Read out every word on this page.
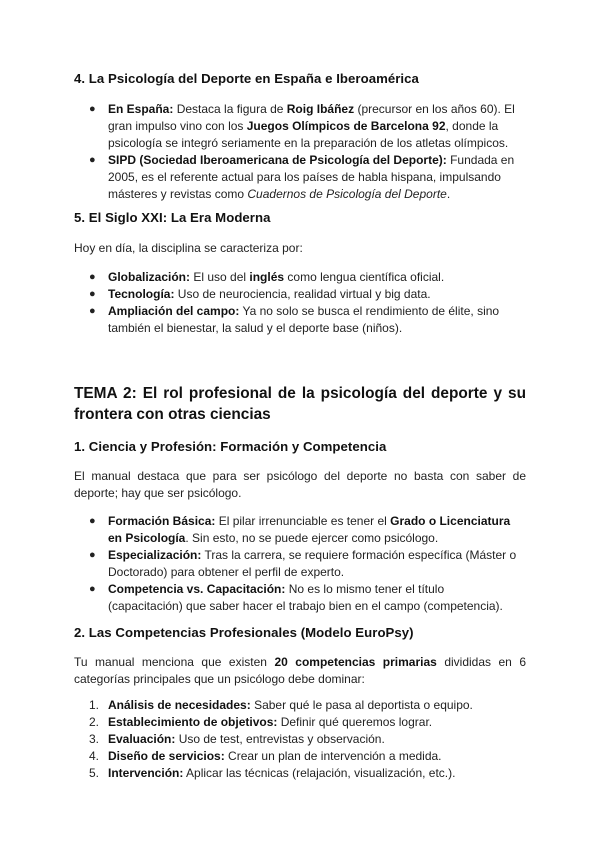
4. La Psicología del Deporte en España e Iberoamérica
● En España: Destaca la figura de Roig Ibáñez (precursor en los años 60). El gran impulso vino con los Juegos Olímpicos de Barcelona 92, donde la psicología se integró seriamente en la preparación de los atletas olímpicos.
● SIPD (Sociedad Iberoamericana de Psicología del Deporte): Fundada en 2005, es el referente actual para los países de habla hispana, impulsando másteres y revistas como Cuadernos de Psicología del Deporte.
5. El Siglo XXI: La Era Moderna

Hoy en día, la disciplina se caracteriza por:

● Globalización: El uso del inglés como lengua científica oficial.
● Tecnología: Uso de neurociencia, realidad virtual y big data.
● Ampliación del campo: Ya no solo se busca el rendimiento de élite, sino también el bienestar, la salud y el deporte base (niños).
TEMA 2: El rol profesional de la psicología del deporte y su
frontera con otras ciencias
1. Ciencia y Profesión: Formación y Competencia

El manual destaca que para ser psicólogo del deporte no basta con saber de deporte; hay que ser psicólogo.

● Formación Básica: El pilar irrenunciable es tener el Grado o Licenciatura en Psicología. Sin esto, no se puede ejercer como psicólogo.
● Especialización: Tras la carrera, se requiere formación específica (Máster o Doctorado) para obtener el perfil de experto.
● Competencia vs. Capacitación: No es lo mismo tener el título (capacitación) que saber hacer el trabajo bien en el campo (competencia).
2. Las Competencias Profesionales (Modelo EuroPsy)

Tu manual menciona que existen 20 competencias primarias divididas en 6 categorías principales que un psicólogo debe dominar:

1. Análisis de necesidades: Saber qué le pasa al deportista o equipo.
2. Establecimiento de objetivos: Definir qué queremos lograr.
3. Evaluación: Uso de test, entrevistas y observación.
4. Diseño de servicios: Crear un plan de intervención a medida.
5. Intervención: Aplicar las técnicas (relajación, visualización, etc.).
